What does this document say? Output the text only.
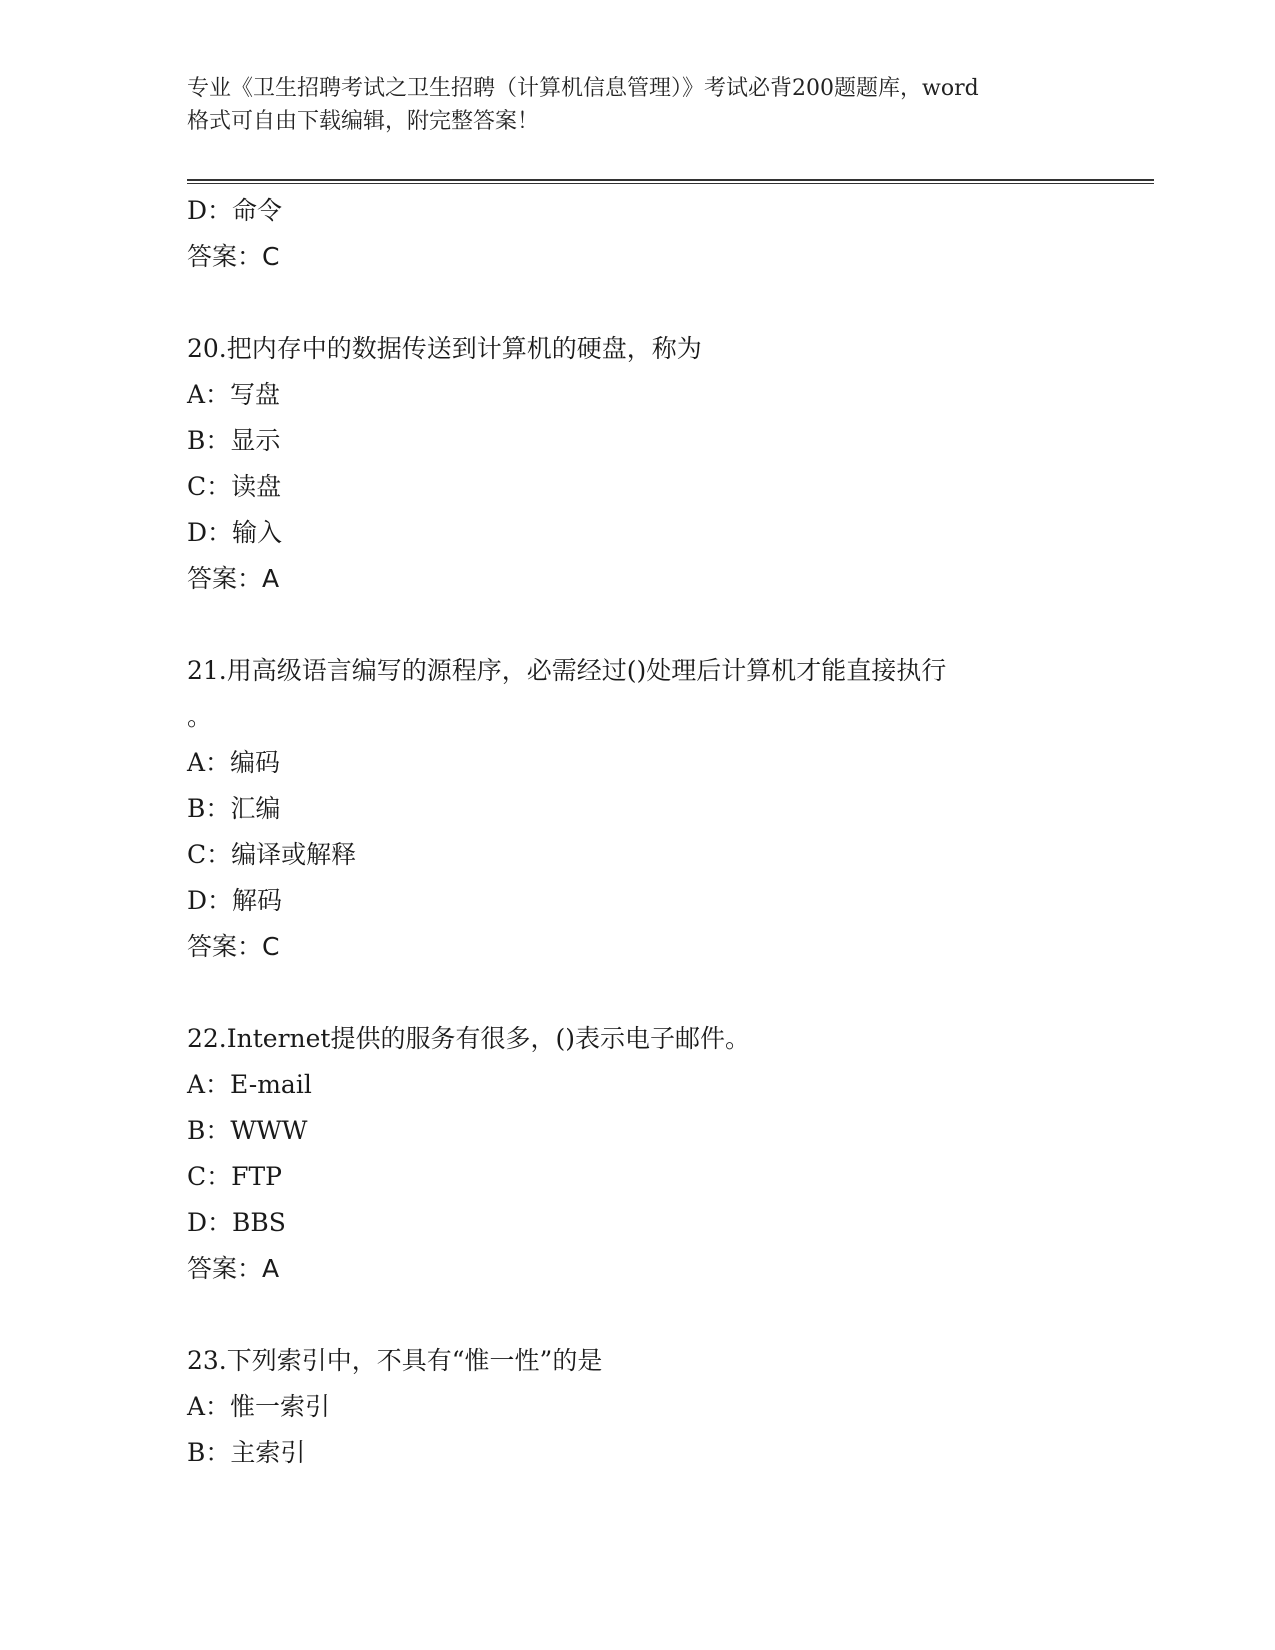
专业《卫生招聘考试之卫生招聘（计算机信息管理）》考试必背200题题库，word
格式可自由下载编辑，附完整答案！
D：命令
答案：C
20.把内存中的数据传送到计算机的硬盘，称为
A：写盘
B：显示
C：读盘
D：输入
答案：A
21.用高级语言编写的源程序，必需经过()处理后计算机才能直接执行
。
A：编码
B：汇编
C：编译或解释
D：解码
答案：C
22.Internet提供的服务有很多，()表示电子邮件。
A：E-mail
B：WWW
C：FTP
D：BBS
答案：A
23.下列索引中，不具有“惟一性”的是
A：惟一索引
B：主索引
